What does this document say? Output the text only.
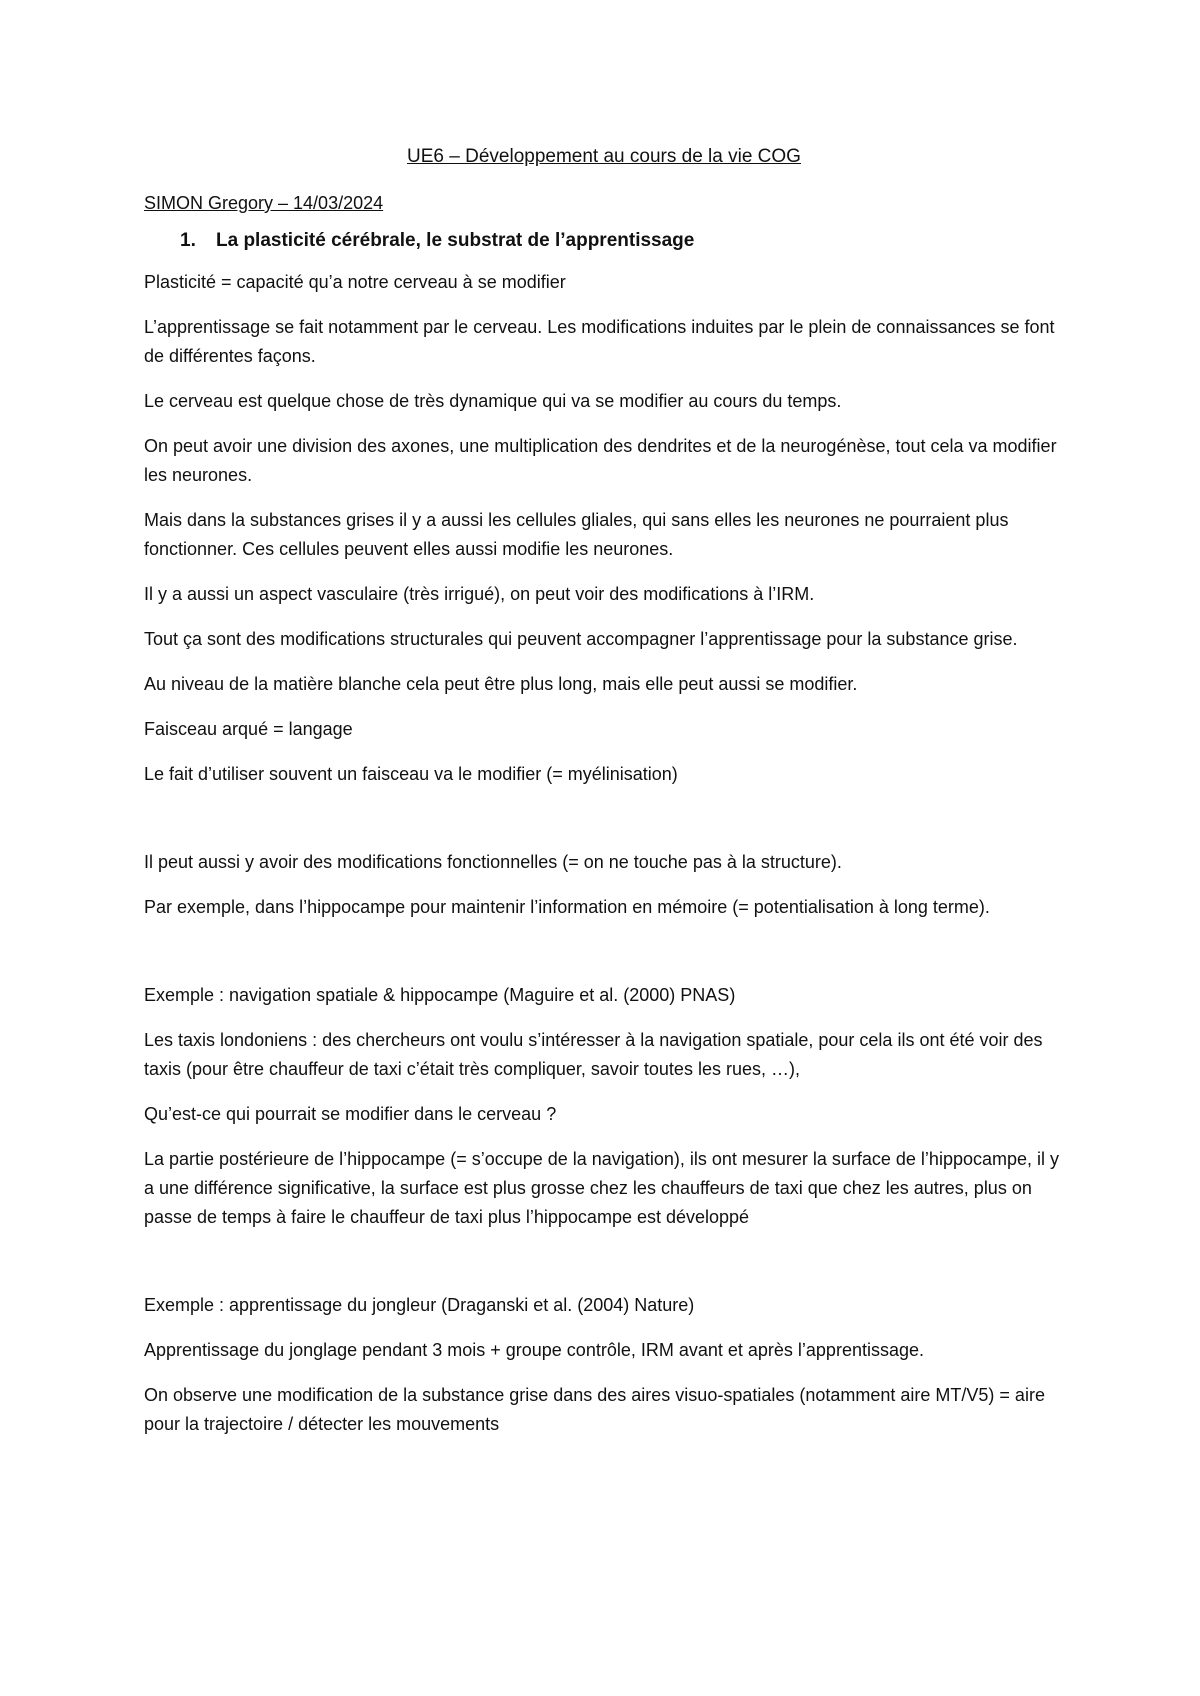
UE6 – Développement au cours de la vie COG
SIMON Gregory – 14/03/2024
1. La plasticité cérébrale, le substrat de l’apprentissage

Plasticité = capacité qu’a notre cerveau à se modifier

L’apprentissage se fait notamment par le cerveau. Les modifications induites par le plein de connaissances se font de différentes façons.

Le cerveau est quelque chose de très dynamique qui va se modifier au cours du temps.

On peut avoir une division des axones, une multiplication des dendrites et de la neurogénèse, tout cela va modifier les neurones.

Mais dans la substances grises il y a aussi les cellules gliales, qui sans elles les neurones ne pourraient plus fonctionner. Ces cellules peuvent elles aussi modifie les neurones.

Il y a aussi un aspect vasculaire (très irrigué), on peut voir des modifications à l’IRM.

Tout ça sont des modifications structurales qui peuvent accompagner l’apprentissage pour la substance grise.

Au niveau de la matière blanche cela peut être plus long, mais elle peut aussi se modifier.

Faisceau arqué = langage

Le fait d’utiliser souvent un faisceau va le modifier (= myélinisation)

Il peut aussi y avoir des modifications fonctionnelles (= on ne touche pas à la structure).

Par exemple, dans l’hippocampe pour maintenir l’information en mémoire (= potentialisation à long terme).

Exemple : navigation spatiale & hippocampe (Maguire et al. (2000) PNAS)

Les taxis londoniens : des chercheurs ont voulu s’intéresser à la navigation spatiale, pour cela ils ont été voir des taxis (pour être chauffeur de taxi c’était très compliquer, savoir toutes les rues, …),

Qu’est-ce qui pourrait se modifier dans le cerveau ?

La partie postérieure de l’hippocampe (= s’occupe de la navigation), ils ont mesurer la surface de l’hippocampe, il y a une différence significative, la surface est plus grosse chez les chauffeurs de taxi que chez les autres, plus on passe de temps à faire le chauffeur de taxi plus l’hippocampe est développé

Exemple : apprentissage du jongleur (Draganski et al. (2004) Nature)

Apprentissage du jonglage pendant 3 mois + groupe contrôle, IRM avant et après l’apprentissage.

On observe une modification de la substance grise dans des aires visuo-spatiales (notamment aire MT/V5) = aire pour la trajectoire / détecter les mouvements
